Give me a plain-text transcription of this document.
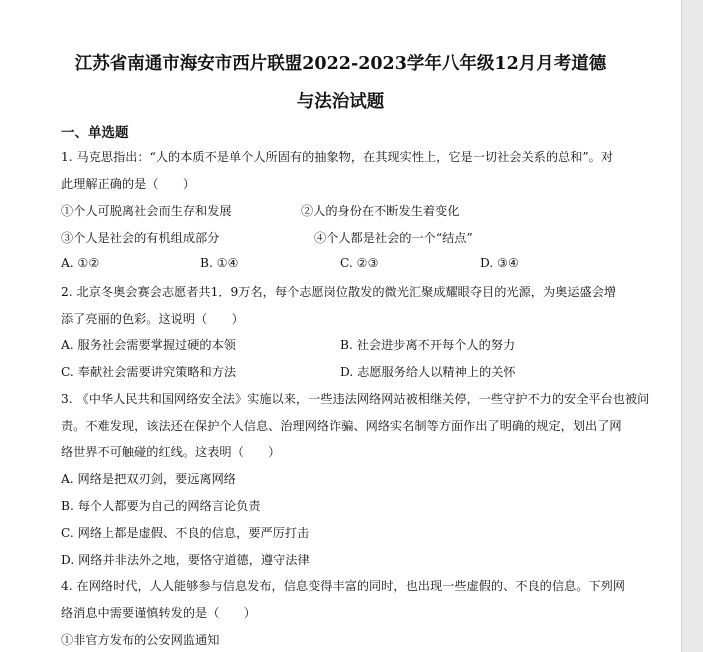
江苏省南通市海安市西片联盟2022-2023学年八年级12月月考道德
与法治试题
一、单选题
1. 马克思指出：“人的本质不是单个人所固有的抽象物，在其现实性上，它是一切社会关系的总和”。对
此理解正确的是（　　）
①个人可脱离社会而生存和发展	②人的身份在不断发生着变化
③个人是社会的有机组成部分	④个人都是社会的一个“结点”
A. ①②	B. ①④	C. ②③	D. ③④
2. 北京冬奥会赛会志愿者共1．9万名，每个志愿岗位散发的微光汇聚成耀眼夺目的光源，为奥运盛会增
添了亮丽的色彩。这说明（　　）
A. 服务社会需要掌握过硬的本领	B. 社会进步离不开每个人的努力
C. 奉献社会需要讲究策略和方法	D. 志愿服务给人以精神上的关怀
3. 《中华人民共和国网络安全法》实施以来，一些违法网络网站被相继关停，一些守护不力的安全平台也被问
责。不难发现，该法还在保护个人信息、治理网络诈骗、网络实名制等方面作出了明确的规定，划出了网
络世界不可触碰的红线。这表明（　　）
A. 网络是把双刃剑，要远离网络
B. 每个人都要为自己的网络言论负责
C. 网络上都是虚假、不良的信息，要严厉打击
D. 网络并非法外之地，要恪守道德，遵守法律
4. 在网络时代，人人能够参与信息发布，信息变得丰富的同时，也出现一些虚假的、不良的信息。下列网
络消息中需要谨慎转发的是（　　）
①非官方发布的公安网监通知
